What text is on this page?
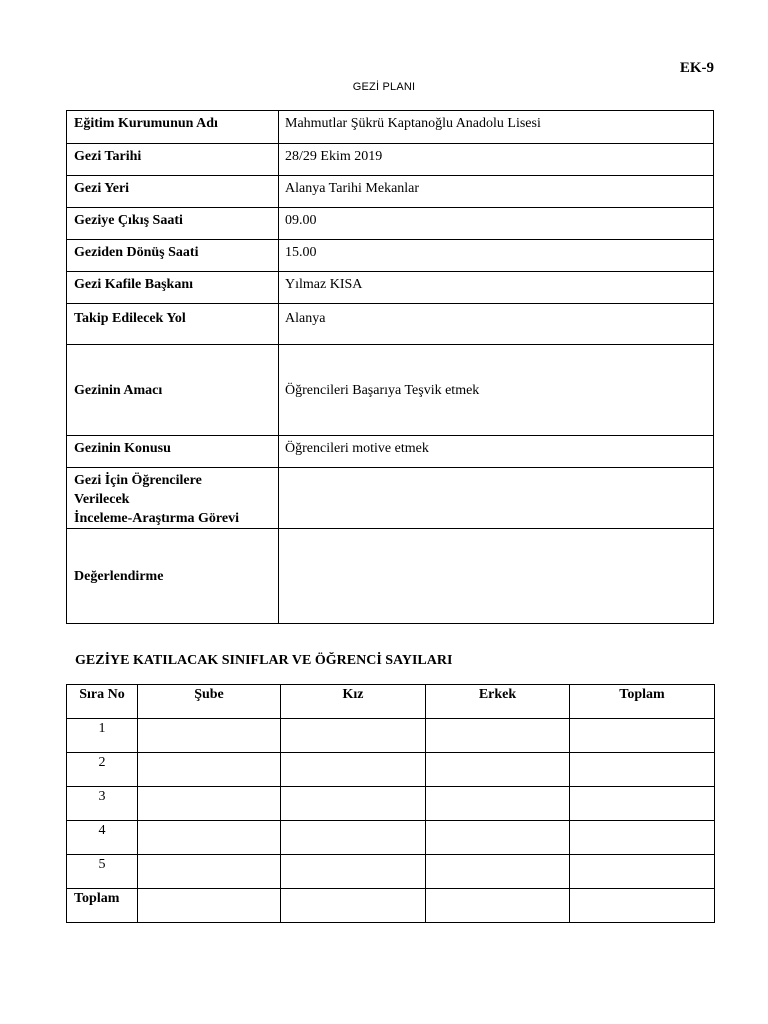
EK-9
GEZİ PLANI
Eğitim Kurumunun Adı	Mahmutlar Şükrü Kaptanoğlu Anadolu Lisesi
Gezi Tarihi	28/29 Ekim 2019
Gezi Yeri	Alanya Tarihi Mekanlar
Geziye Çıkış Saati	09.00
Geziden Dönüş Saati	15.00
Gezi Kafile Başkanı	Yılmaz KISA
Takip Edilecek Yol	Alanya
Gezinin Amacı	Öğrencileri Başarıya Teşvik etmek
Gezinin Konusu	Öğrencileri motive etmek

Gezi İçin Öğrencilere
Verilecek
İnceleme-Araştırma Görevi	

Değerlendirme	
GEZİYE KATILACAK SINIFLAR VE ÖĞRENCİ SAYILARI
Sıra No	Şube	Kız	Erkek	Toplam
1				
2				
3				
4				
5				
Toplam				
